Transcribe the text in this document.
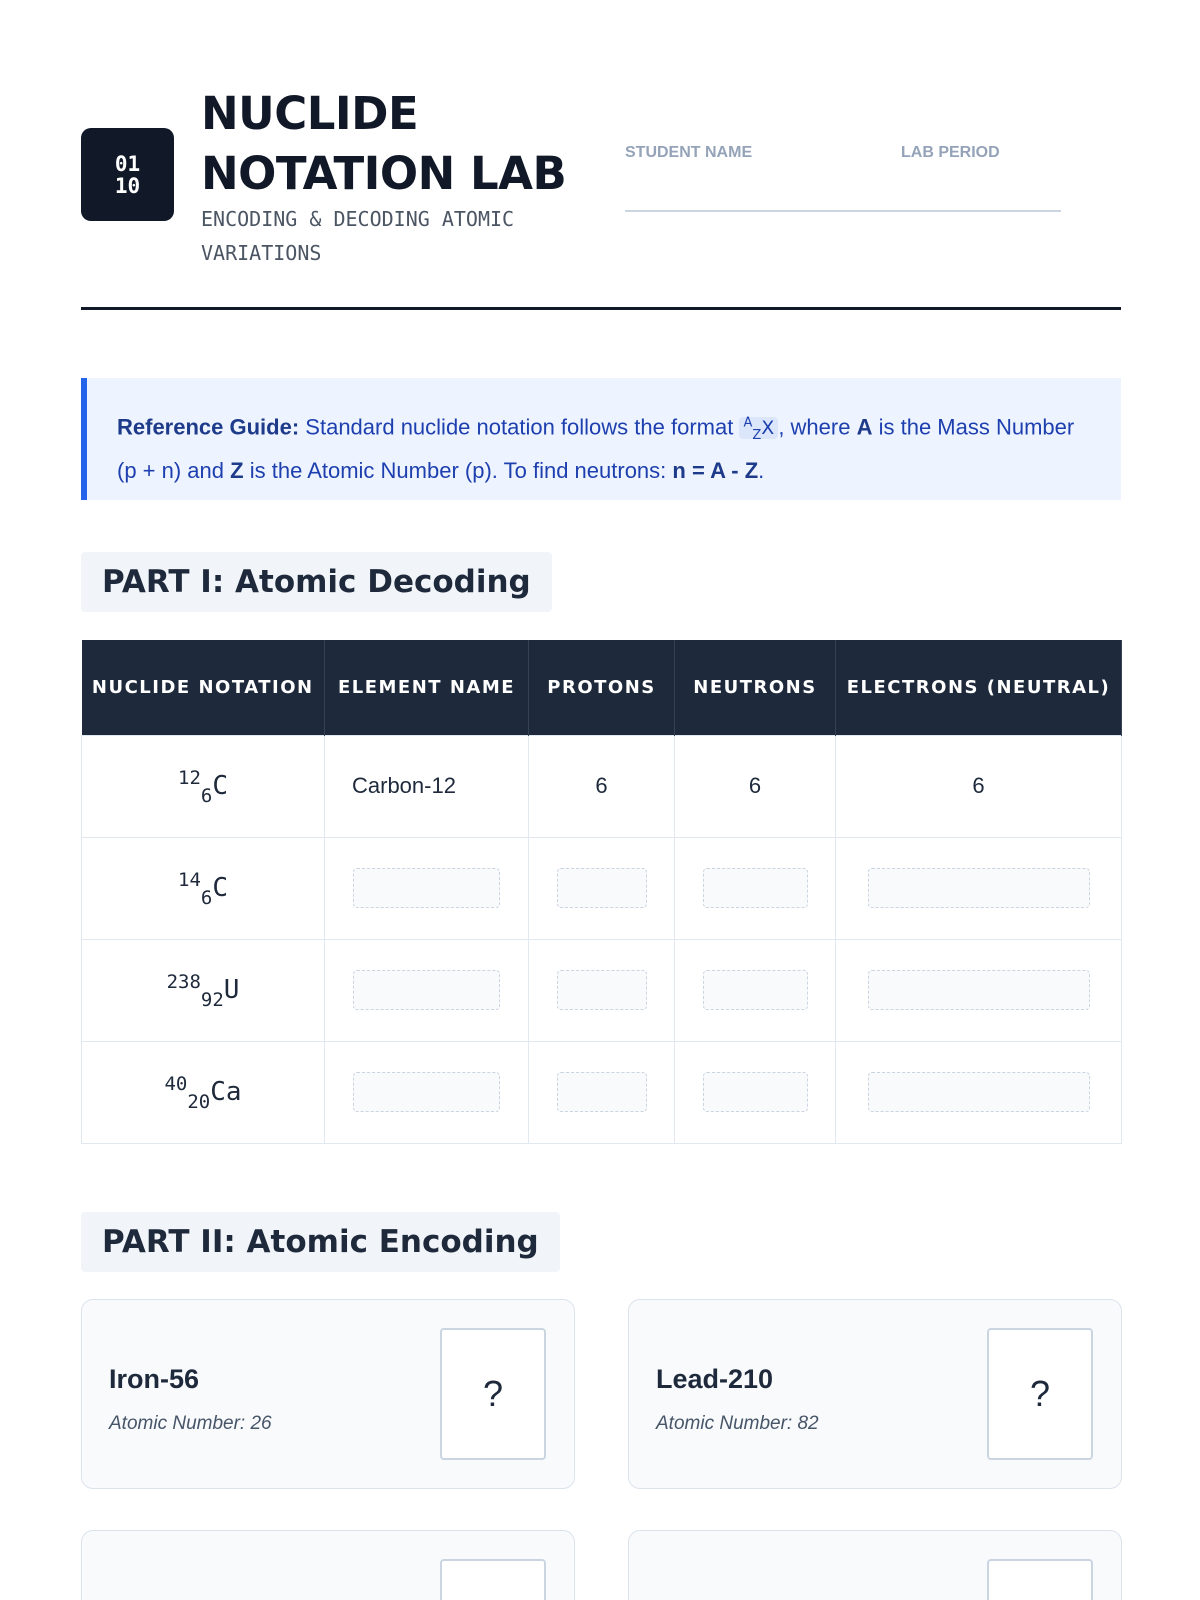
01
10
NUCLIDE NOTATION LAB
ENCODING & DECODING ATOMIC VARIATIONS
STUDENT NAME	LAB PERIOD
Reference Guide: Standard nuclide notation follows the format $^A_Z$X , where A is the Mass Number (p + n) and Z is the Atomic Number (p). To find neutrons: n = A - Z.
PART I: Atomic Decoding
NUCLIDE NOTATION	ELEMENT NAME	PROTONS	NEUTRONS	ELECTRONS (NEUTRAL)
$^{12}_6$C	Carbon-12	6	6	6
$^{14}_6$C	

$^{238}_{92}$U	

$^{40}_{20}$Ca	

PART II: Atomic Encoding
Iron-56
Atomic Number: 26
?	Lead-210
Atomic Number: 82
?
